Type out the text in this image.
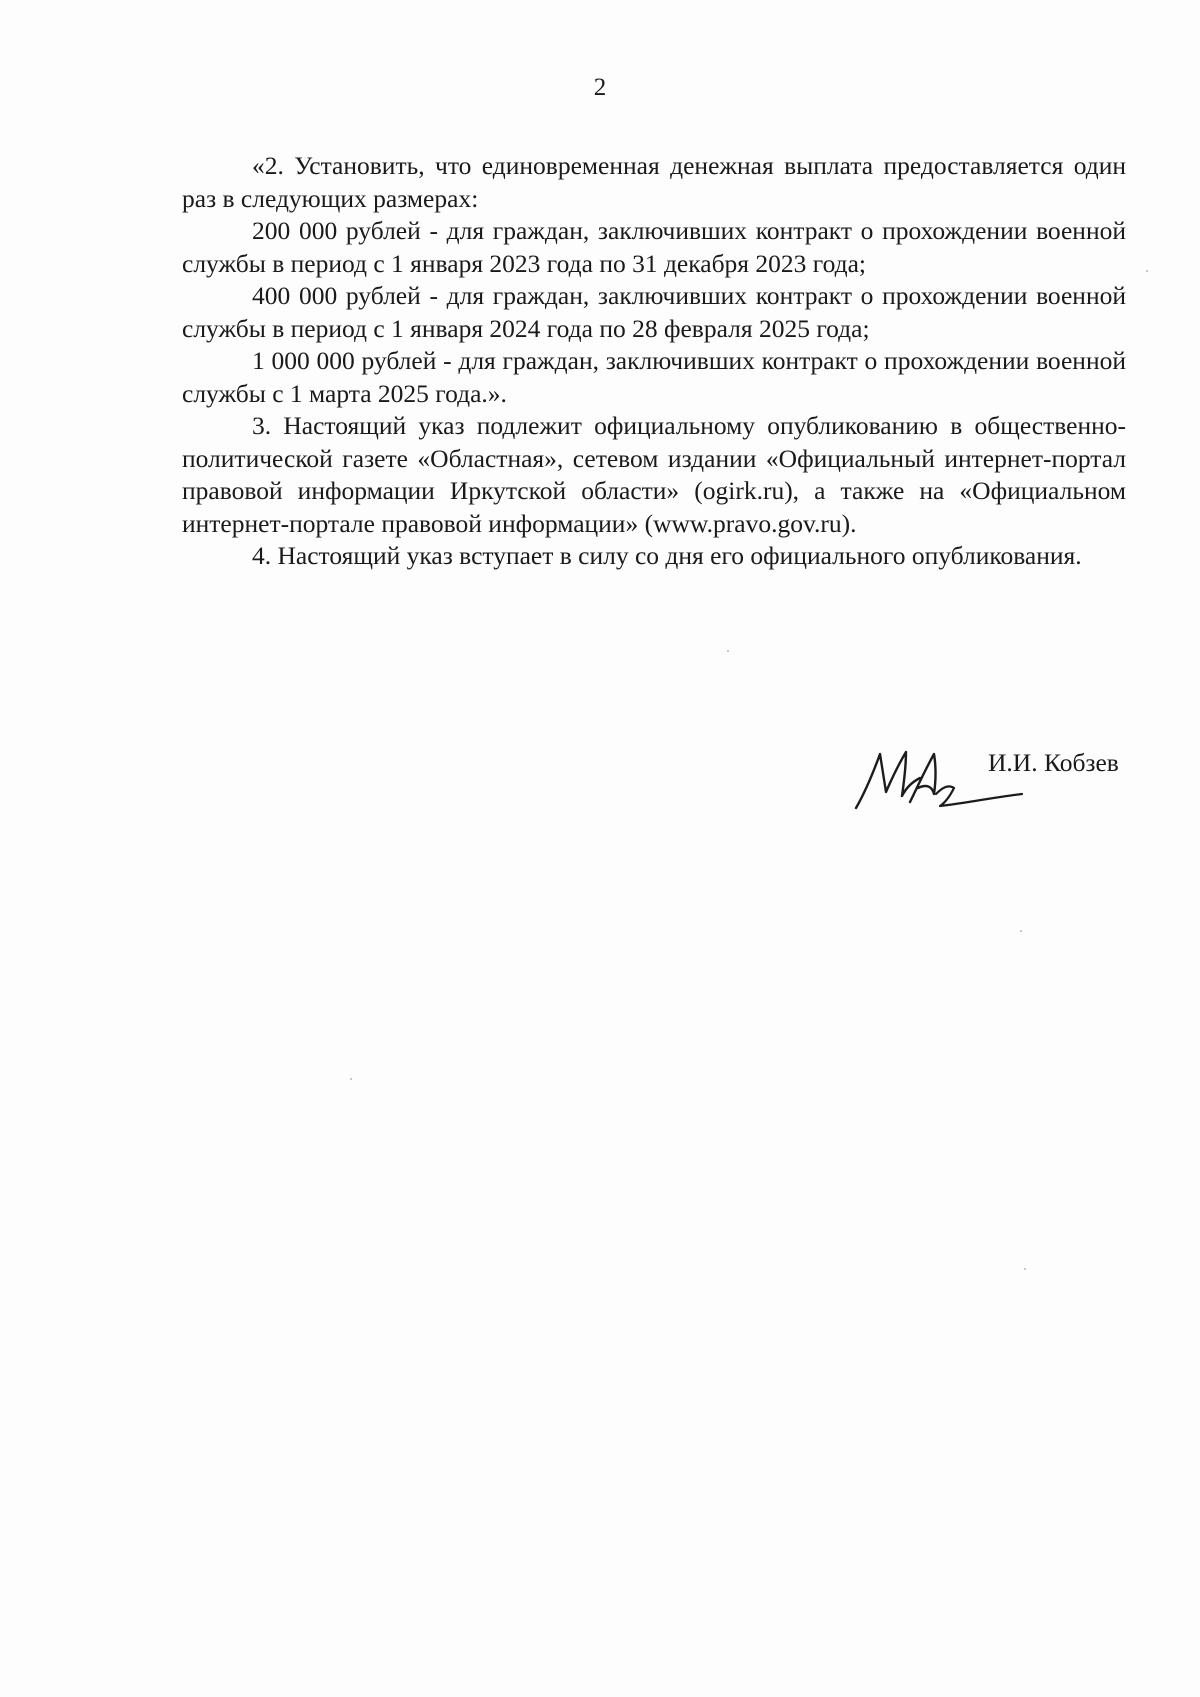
2

«2. Установить, что единовременная денежная выплата предоставляется один раз в следующих размерах:

200 000 рублей - для граждан, заключивших контракт о прохождении военной службы в период с 1 января 2023 года по 31 декабря 2023 года;

400 000 рублей - для граждан, заключивших контракт о прохождении военной службы в период с 1 января 2024 года по 28 февраля 2025 года;

1 000 000 рублей - для граждан, заключивших контракт о прохождении военной службы с 1 марта 2025 года.».

3. Настоящий указ подлежит официальному опубликованию в общественно-политической газете «Областная», сетевом издании «Официальный интернет-портал правовой информации Иркутской области» (ogirk.ru), а также на «Официальном интернет-портале правовой информации» (www.pravo.gov.ru).

4. Настоящий указ вступает в силу со дня его официального опубликования.

И.И. Кобзев
